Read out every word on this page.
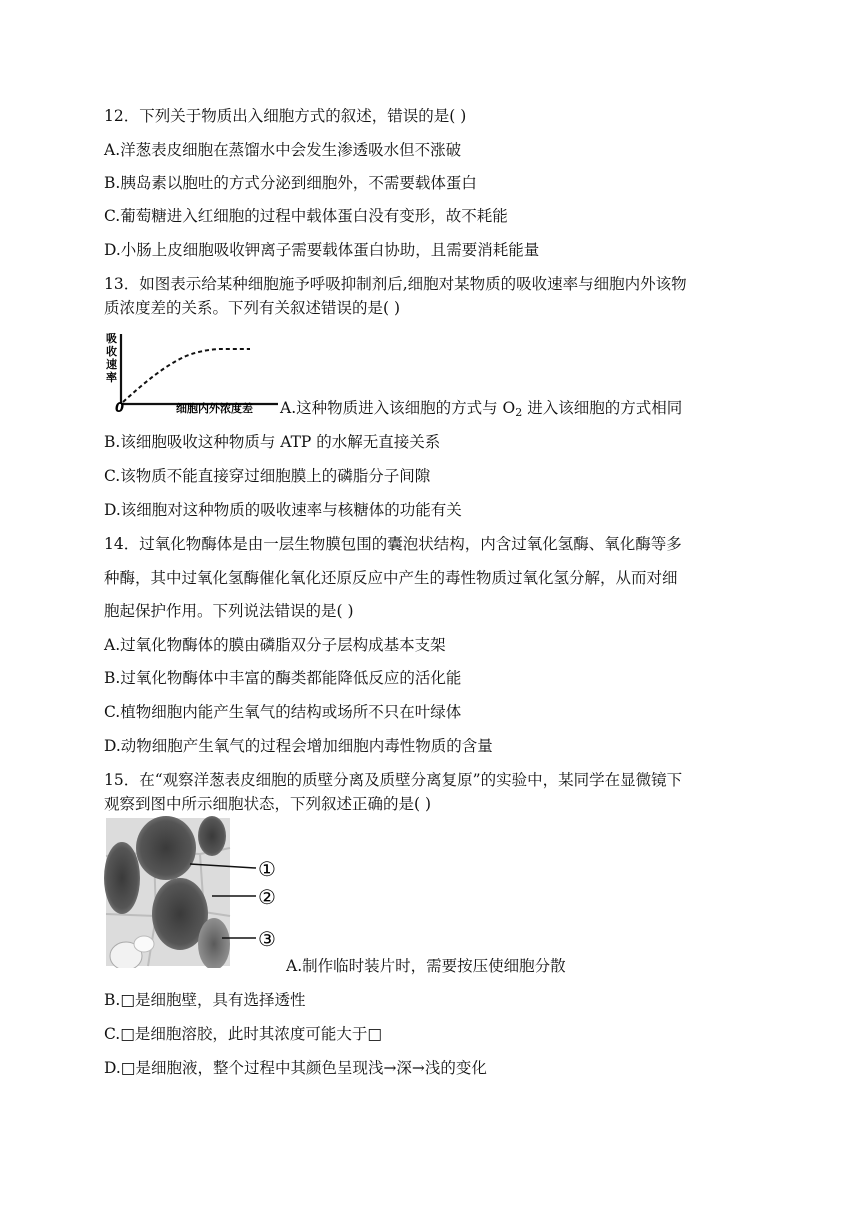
12．下列关于物质出入细胞方式的叙述，错误的是( )
A.洋葱表皮细胞在蒸馏水中会发生渗透吸水但不涨破
B.胰岛素以胞吐的方式分泌到细胞外，不需要载体蛋白
C.葡萄糖进入红细胞的过程中载体蛋白没有变形，故不耗能
D.小肠上皮细胞吸收钾离子需要载体蛋白协助，且需要消耗能量
13．如图表示给某种细胞施予呼吸抑制剂后,细胞对某物质的吸收速率与细胞内外该物
质浓度差的关系。下列有关叙述错误的是( )
0	细胞内外浓度差
吸收速率
A.这种物质进入该细胞的方式与 $O_2$ 进入该细胞的方式相同
B.该细胞吸收这种物质与 ATP 的水解无直接关系
C.该物质不能直接穿过细胞膜上的磷脂分子间隙
D.该细胞对这种物质的吸收速率与核糖体的功能有关
14．过氧化物酶体是由一层生物膜包围的囊泡状结构，内含过氧化氢酶、氧化酶等多
种酶，其中过氧化氢酶催化氧化还原反应中产生的毒性物质过氧化氢分解，从而对细
胞起保护作用。下列说法错误的是( )
A.过氧化物酶体的膜由磷脂双分子层构成基本支架
B.过氧化物酶体中丰富的酶类都能降低反应的活化能
C.植物细胞内能产生氧气的结构或场所不只在叶绿体
D.动物细胞产生氧气的过程会增加细胞内毒性物质的含量
15．在“观察洋葱表皮细胞的质壁分离及质壁分离复原”的实验中，某同学在显微镜下
观察到图中所示细胞状态，下列叙述正确的是( )
①
②
③
A.制作临时装片时，需要按压使细胞分散
B.□是细胞壁，具有选择透性
C.□是细胞溶胶，此时其浓度可能大于□
D.□是细胞液，整个过程中其颜色呈现浅→深→浅的变化
